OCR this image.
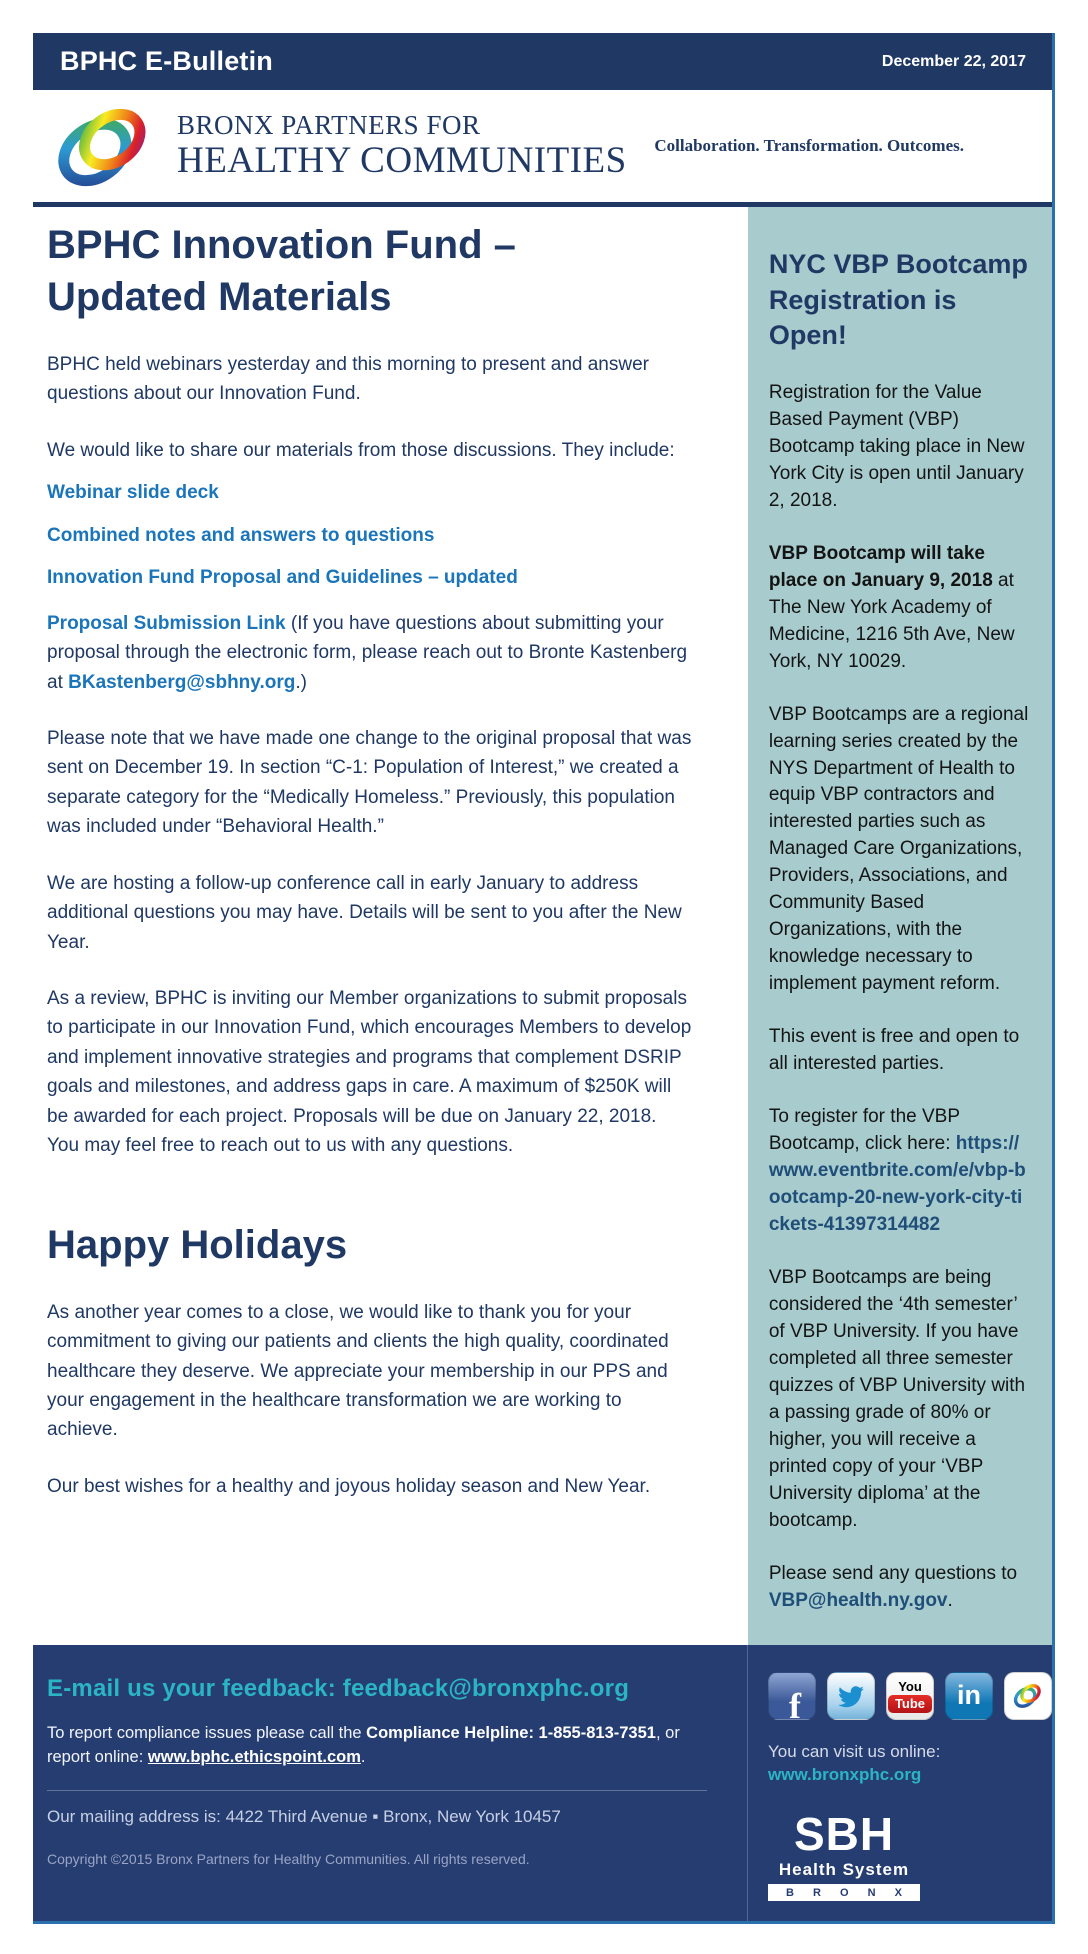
BPHC E-Bulletin	December 22, 2017
BRONX PARTNERS FOR
HEALTHY COMMUNITIES Collaboration. Transformation. Outcomes.
BPHC Innovation Fund –
Updated Materials

BPHC held webinars yesterday and this morning to present and answer questions about our Innovation Fund.

We would like to share our materials from those discussions. They include:

Webinar slide deck

Combined notes and answers to questions

Innovation Fund Proposal and Guidelines – updated

Proposal Submission Link (If you have questions about submitting your proposal through the electronic form, please reach out to Bronte Kastenberg at BKastenberg@sbhny.org.)

Please note that we have made one change to the original proposal that was sent on December 19. In section “C-1: Population of Interest,” we created a separate category for the “Medically Homeless.” Previously, this population was included under “Behavioral Health.”

We are hosting a follow-up conference call in early January to address additional questions you may have. Details will be sent to you after the New Year.

As a review, BPHC is inviting our Member organizations to submit proposals to participate in our Innovation Fund, which encourages Members to develop and implement innovative strategies and programs that complement DSRIP goals and milestones, and address gaps in care. A maximum of $250K will be awarded for each project. Proposals will be due on January 22, 2018. You may feel free to reach out to us with any questions.

Happy Holidays

As another year comes to a close, we would like to thank you for your commitment to giving our patients and clients the high quality, coordinated healthcare they deserve. We appreciate your membership in our PPS and your engagement in the healthcare transformation we are working to achieve.

Our best wishes for a healthy and joyous holiday season and New Year.

NYC VBP Bootcamp
Registration is Open!

Registration for the Value Based Payment (VBP) Bootcamp taking place in New York City is open until January 2, 2018.

VBP Bootcamp will take place on January 9, 2018 at The New York Academy of Medicine, 1216 5th Ave, New York, NY 10029.

VBP Bootcamps are a regional learning series created by the NYS Department of Health to equip VBP contractors and interested parties such as Managed Care Organizations, Providers, Associations, and Community Based Organizations, with the knowledge necessary to implement payment reform.

This event is free and open to all interested parties.

To register for the VBP Bootcamp, click here: https://www.eventbrite.com/e/vbp-bootcamp-20-new-york-city-tickets-41397314482

VBP Bootcamps are being considered the ‘4th semester’ of VBP University. If you have completed all three semester quizzes of VBP University with a passing grade of 80% or higher, you will receive a printed copy of your ‘VBP University diploma’ at the bootcamp.

Please send any questions to VBP@health.ny.gov.

E-mail us your feedback: feedback@bronxphc.org

To report compliance issues please call the Compliance Helpline: 1-855-813-7351, or report online: www.bphc.ethicspoint.com.

Our mailing address is: 4422 Third Avenue ▪ Bronx, New York 10457

Copyright ©2015 Bronx Partners for Healthy Communities. All rights reserved.

f	You
Tube in

You can visit us online:

www.bronxphc.org

SBH
Health System
B R O N X
